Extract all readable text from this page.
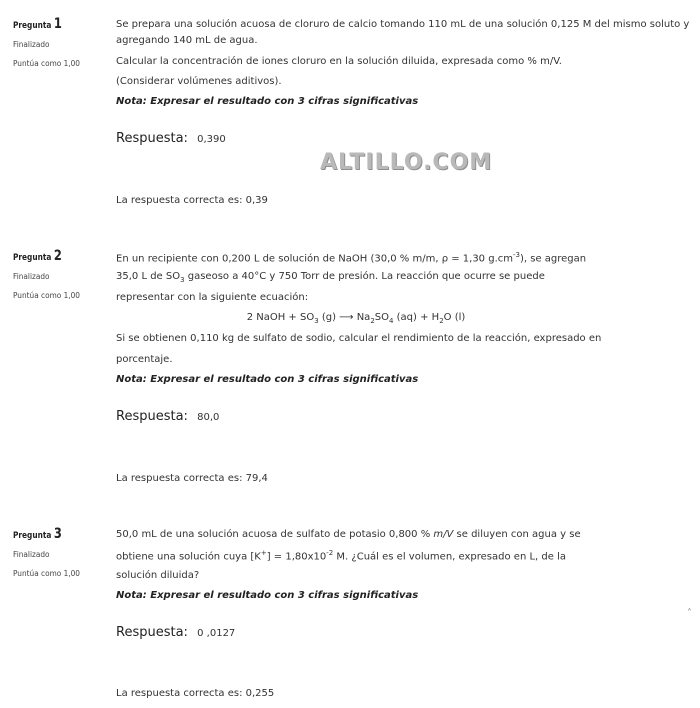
Pregunta 1
Finalizado
Puntúa como 1,00
Se prepara una solución acuosa de cloruro de calcio tomando 110 mL de una solución 0,125 M del mismo soluto y
agregando 140 mL de agua.
Calcular la concentración de iones cloruro en la solución diluida, expresada como % m/V.
(Considerar volúmenes aditivos).
Nota: Expresar el resultado con 3 cifras significativas
Respuesta: 0,390
La respuesta correcta es: 0,39
ALTILLO.COM
Pregunta 2
Finalizado
Puntúa como 1,00
En un recipiente con 0,200 L de solución de NaOH (30,0 % m/m, ρ = 1,30 $g.cm^{-3}$), se agregan
35,0 L de $SO_3$ gaseoso a 40°C y 750 Torr de presión. La reacción que ocurre se puede
representar con la siguiente ecuación:
2 NaOH + $SO_3$ (g) ⟶ $Na_2SO_4$ $(aq) + H_2O$ (l)
Si se obtienen 0,110 kg de sulfato de sodio, calcular el rendimiento de la reacción, expresado en
porcentaje.
Nota: Expresar el resultado con 3 cifras significativas
Respuesta: 80,0
La respuesta correcta es: 79,4
Pregunta 3
Finalizado
Puntúa como 1,00
50,0 mL de una solución acuosa de sulfato de potasio 0,800 % m/V se diluyen con agua y se
obtiene una solución cuya $[K^+] = 1,80x10^{-2}$ M. ¿Cuál es el volumen, expresado en L, de la
solución diluida?
Nota: Expresar el resultado con 3 cifras significativas
Respuesta: 0 ,0127
La respuesta correcta es: 0,255
˄
